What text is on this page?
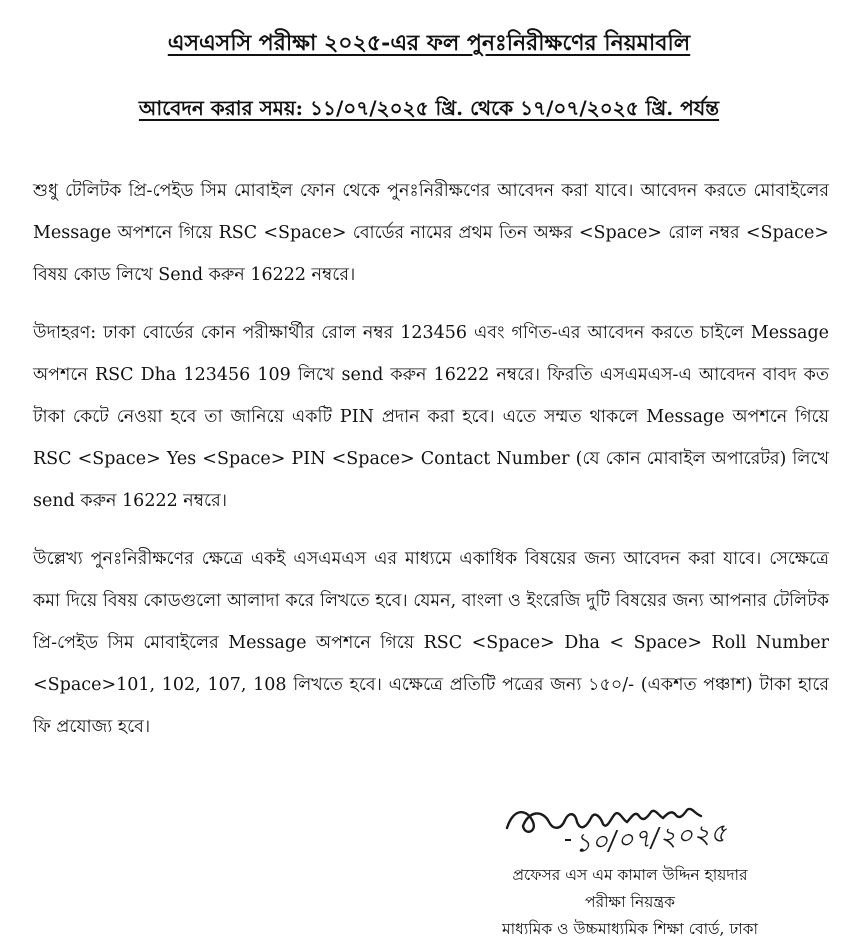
এসএসসি পরীক্ষা ২০২৫-এর ফল পুনঃনিরীক্ষণের নিয়মাবলি
আবেদন করার সময়: ১১/০৭/২০২৫ খ্রি. থেকে ১৭/০৭/২০২৫ খ্রি. পর্যন্ত

শুধু টেলিটক প্রি-পেইড সিম মোবাইল ফোন থেকে পুনঃনিরীক্ষণের আবেদন করা যাবে। আবেদন করতে মোবাইলের Message অপশনে গিয়ে RSC <Space> বোর্ডের নামের প্রথম তিন অক্ষর <Space> রোল নম্বর <Space> বিষয় কোড লিখে Send করুন 16222 নম্বরে।

উদাহরণ: ঢাকা বোর্ডের কোন পরীক্ষার্থীর রোল নম্বর 123456 এবং গণিত-এর আবেদন করতে চাইলে Message অপশনে RSC Dha 123456 109 লিখে send করুন 16222 নম্বরে। ফিরতি এসএমএস-এ আবেদন বাবদ কত টাকা কেটে নেওয়া হবে তা জানিয়ে একটি PIN প্রদান করা হবে। এতে সম্মত থাকলে Message অপশনে গিয়ে RSC <Space> Yes <Space> PIN <Space> Contact Number (যে কোন মোবাইল অপারেটর) লিখে send করুন 16222 নম্বরে।

উল্লেখ্য পুনঃনিরীক্ষণের ক্ষেত্রে একই এসএমএস এর মাধ্যমে একাধিক বিষয়ের জন্য আবেদন করা যাবে। সেক্ষেত্রে কমা দিয়ে বিষয় কোডগুলো আলাদা করে লিখতে হবে। যেমন, বাংলা ও ইংরেজি দুটি বিষয়ের জন্য আপনার টেলিটক প্রি-পেইড সিম মোবাইলের Message অপশনে গিয়ে RSC <Space> Dha < Space> Roll Number <Space>101, 102, 107, 108 লিখতে হবে। এক্ষেত্রে প্রতিটি পত্রের জন্য ১৫০/- (একশত পঞ্চাশ) টাকা হারে ফি প্রযোজ্য হবে।

১০/০৭/২০২৫
প্রফেসর এস এম কামাল উদ্দিন হায়দার
পরীক্ষা নিয়ন্ত্রক
মাধ্যমিক ও উচ্চমাধ্যমিক শিক্ষা বোর্ড, ঢাকা
